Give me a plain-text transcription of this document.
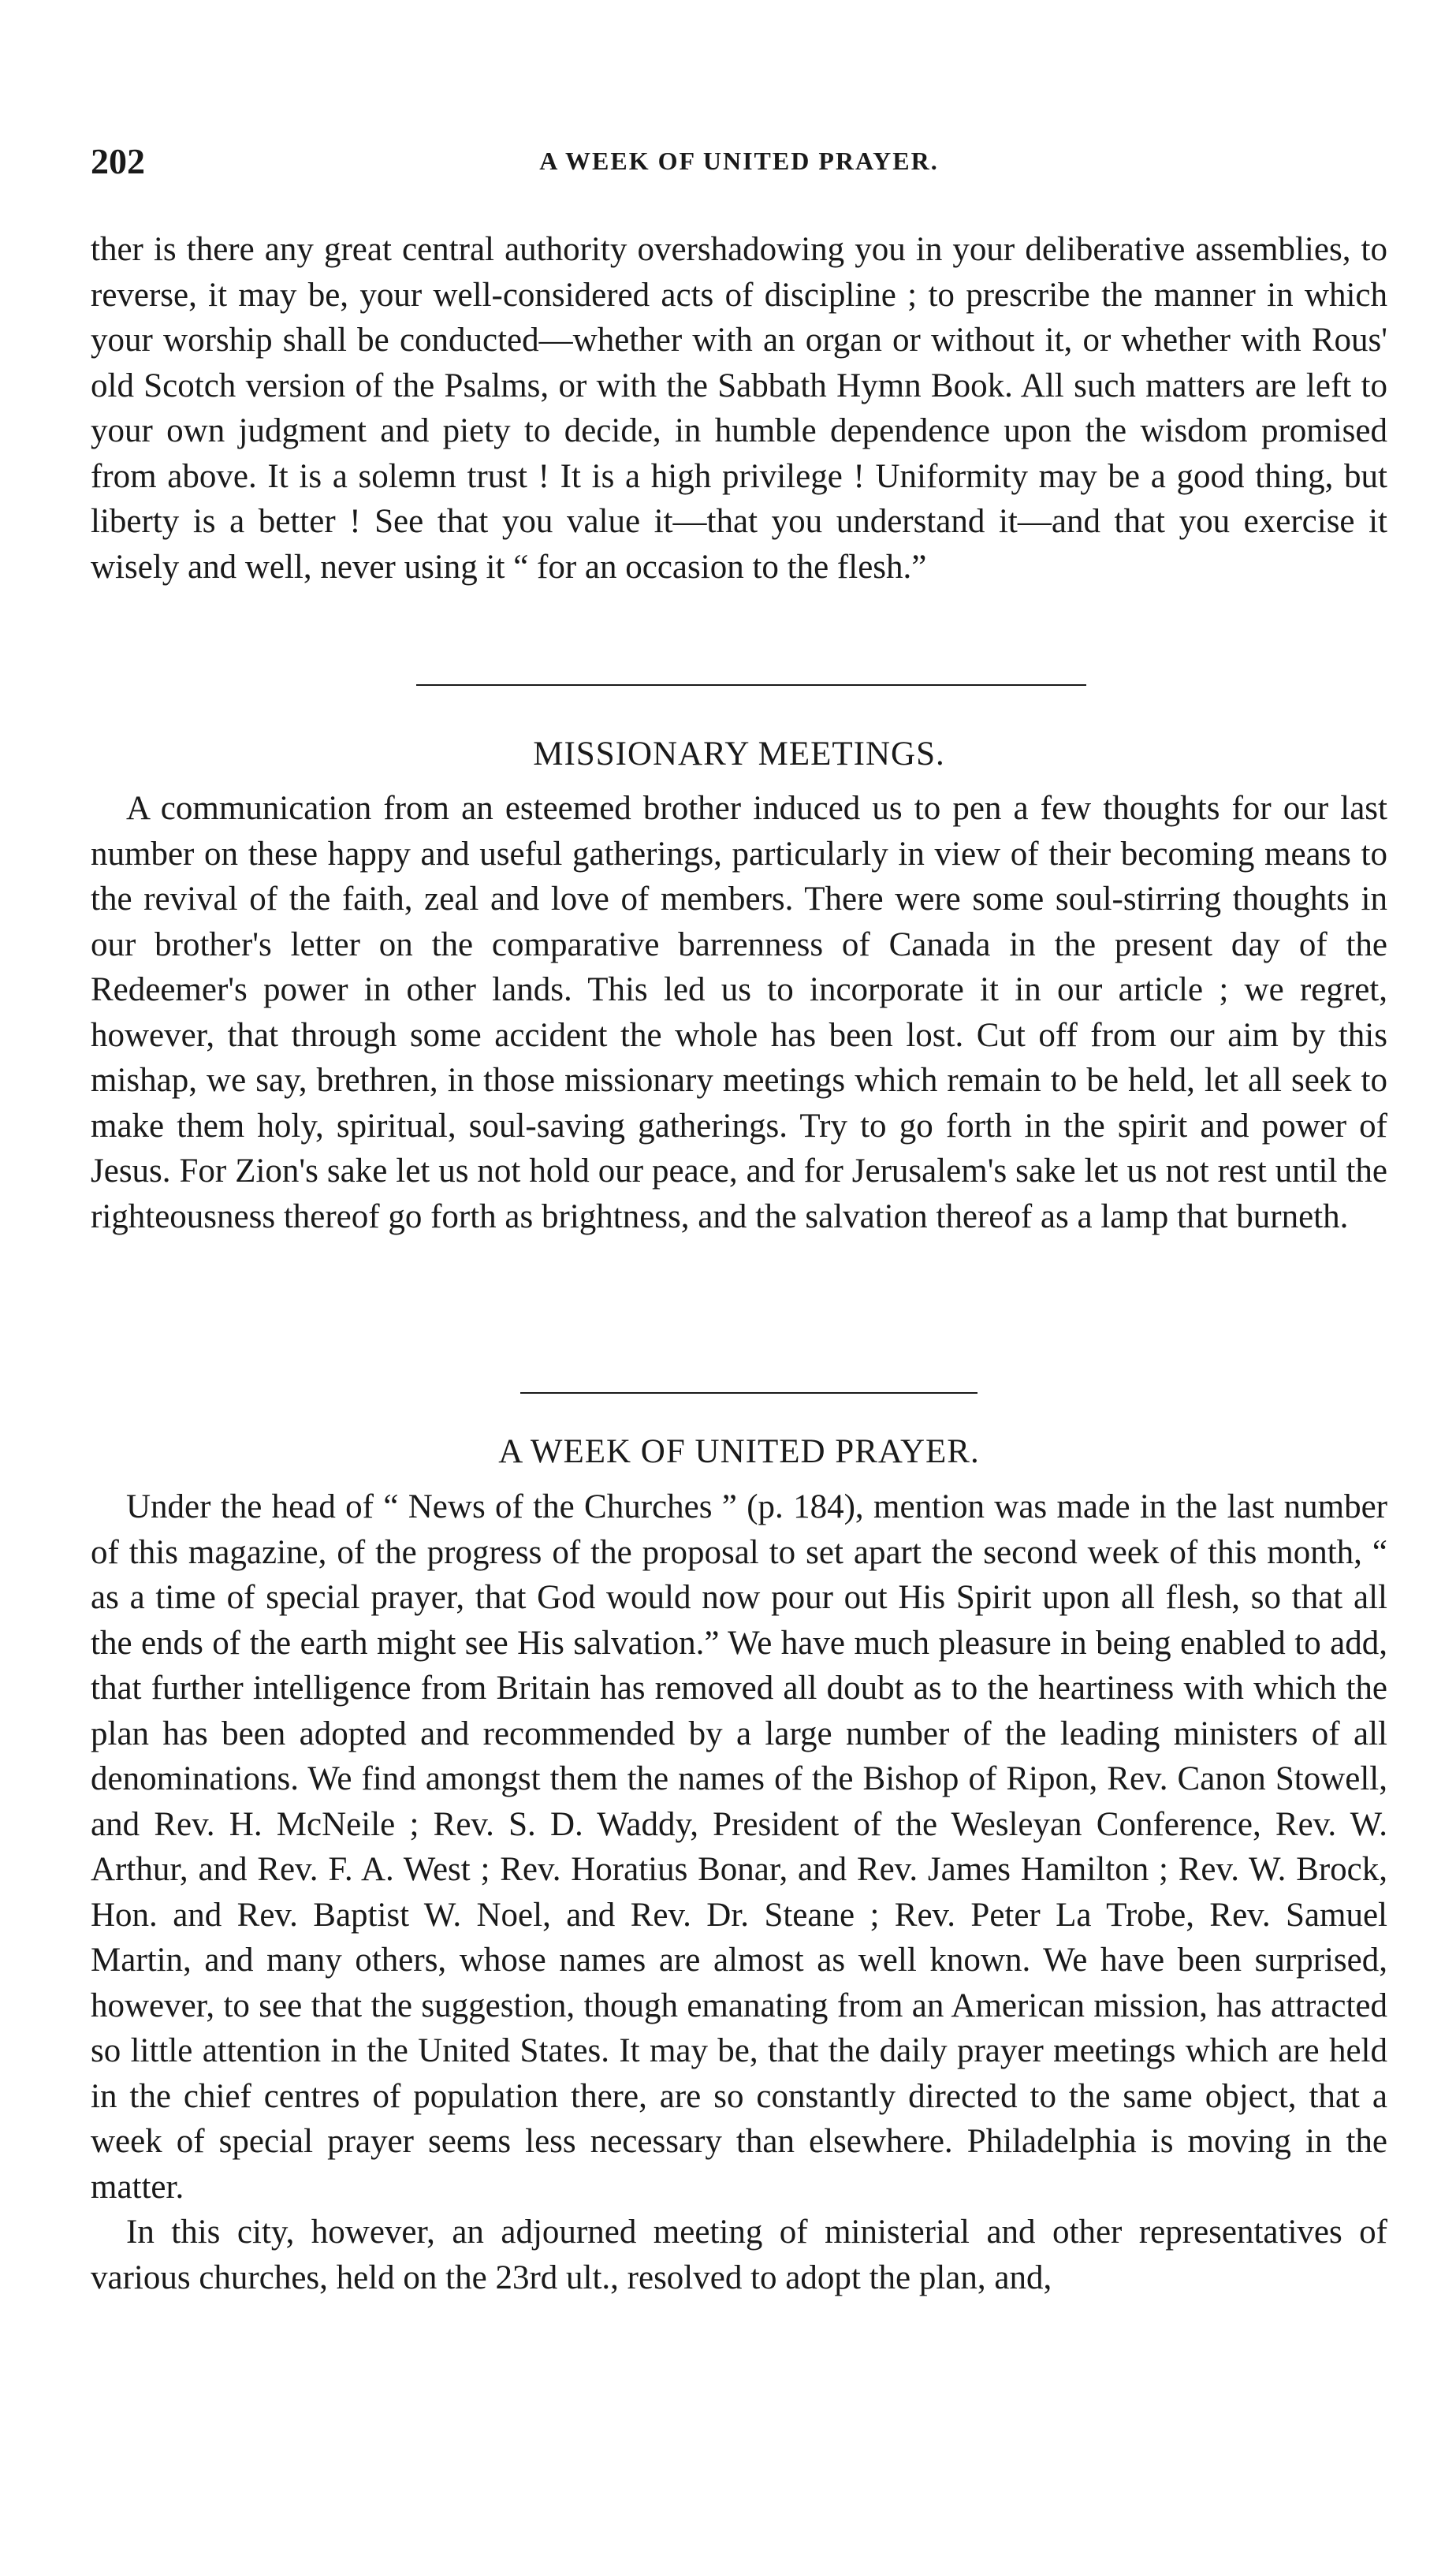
202	A WEEK OF UNITED PRAYER.

ther is there any great central authority overshadowing you in your deliberative assemblies, to reverse, it may be, your well-considered acts of discipline ; to prescribe the manner in which your worship shall be conducted—whether with an organ or without it, or whether with Rous' old Scotch version of the Psalms, or with the Sabbath Hymn Book. All such matters are left to your own judgment and piety to decide, in humble dependence upon the wisdom promised from above. It is a solemn trust ! It is a high privilege ! Uniformity may be a good thing, but liberty is a better ! See that you value it—that you understand it—and that you exercise it wisely and well, never using it “ for an occasion to the flesh.”

MISSIONARY MEETINGS.

A communication from an esteemed brother induced us to pen a few thoughts for our last number on these happy and useful gatherings, particularly in view of their becoming means to the revival of the faith, zeal and love of members. There were some soul-stirring thoughts in our brother's letter on the comparative barrenness of Canada in the present day of the Redeemer's power in other lands. This led us to incorporate it in our article ; we regret, however, that through some accident the whole has been lost. Cut off from our aim by this mishap, we say, brethren, in those missionary meetings which remain to be held, let all seek to make them holy, spiritual, soul-saving gatherings. Try to go forth in the spirit and power of Jesus. For Zion's sake let us not hold our peace, and for Jerusalem's sake let us not rest until the righteousness thereof go forth as brightness, and the salvation thereof as a lamp that burneth.

A WEEK OF UNITED PRAYER.

Under the head of “ News of the Churches ” (p. 184), mention was made in the last number of this magazine, of the progress of the proposal to set apart the second week of this month, “ as a time of special prayer, that God would now pour out His Spirit upon all flesh, so that all the ends of the earth might see His salvation.” We have much pleasure in being enabled to add, that further intelligence from Britain has removed all doubt as to the heartiness with which the plan has been adopted and recommended by a large number of the leading ministers of all denominations. We find amongst them the names of the Bishop of Ripon, Rev. Canon Stowell, and Rev. H. McNeile ; Rev. S. D. Waddy, President of the Wesleyan Conference, Rev. W. Arthur, and Rev. F. A. West ; Rev. Horatius Bonar, and Rev. James Hamilton ; Rev. W. Brock, Hon. and Rev. Baptist W. Noel, and Rev. Dr. Steane ; Rev. Peter La Trobe, Rev. Samuel Martin, and many others, whose names are almost as well known. We have been surprised, however, to see that the suggestion, though emanating from an American mission, has attracted so little attention in the United States. It may be, that the daily prayer meetings which are held in the chief centres of population there, are so constantly directed to the same object, that a week of special prayer seems less necessary than elsewhere. Philadelphia is moving in the matter.

In this city, however, an adjourned meeting of ministerial and other representatives of various churches, held on the 23rd ult., resolved to adopt the plan, and,
